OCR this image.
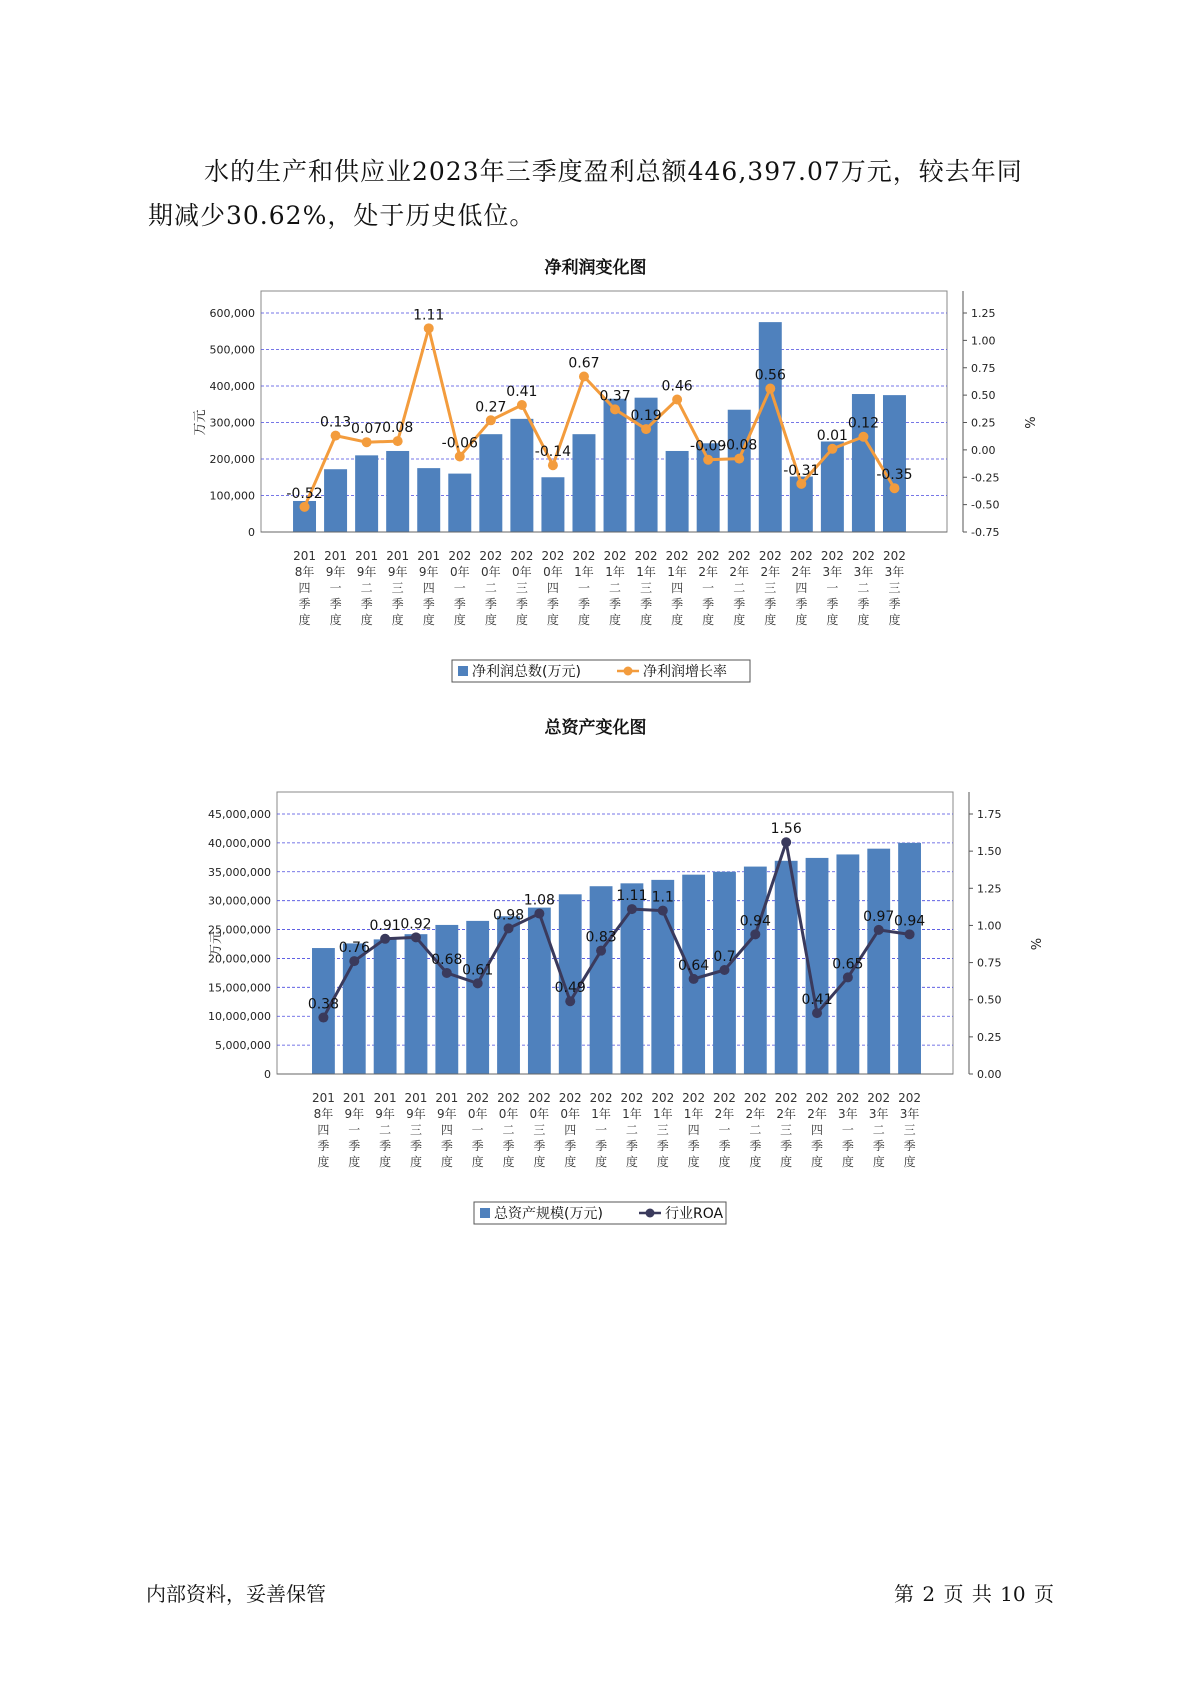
水的生产和供应业2023年三季度盈利总额446,397.07万元，较去年同期减少30.62%，处于历史低位。

净利润变化图
0
100,000
200,000
300,000
400,000
500,000
600,000
-0.75
-0.50
-0.25
0.00
0.25
0.50
0.75
1.00
1.25
万元	%
-0.52
0.13 0.07 0.08
1.11
-0.06
0.27
0.41
-0.14
0.67
0.37
0.19
0.46
-0.09
-0.08
0.56
-0.31
0.01
0.12
-0.35
201
8年
四
季
度
201
9年
一
季
度
201
9年
二
季
度
201
9年
三
季
度
201
9年
四
季
度
202
0年
一
季
度
202
0年
二
季
度
202
0年
三
季
度
202
0年
四
季
度
202
1年
一
季
度
202
1年
二
季
度
202
1年
三
季
度
202
1年
四
季
度
202
2年
一
季
度
202
2年
二
季
度
202
2年
三
季
度
202
2年
四
季
度
202
3年
一
季
度
202
3年
二
季
度
202
3年
三
季
度
净利润总数(万元)	净利润增长率
总资产变化图
0
5,000,000
10,000,000
15,000,000
20,000,000
25,000,000
30,000,000
35,000,000
40,000,000
45,000,000
0.00
0.25
0.50
0.75
1.00
1.25
1.50
1.75
万元	%
0.38
0.76
0.91 0.92
0.68
0.61
0.98
1.08
0.49
0.83
1.11 1.1
0.64
0.7
0.94
1.56
0.41
0.65
0.97 0.94
201
8年
四
季
度
201
9年
一
季
度
201
9年
二
季
度
201
9年
三
季
度
201
9年
四
季
度
202
0年
一
季
度
202
0年
二
季
度
202
0年
三
季
度
202
0年
四
季
度
202
1年
一
季
度
202
1年
二
季
度
202
1年
三
季
度
202
1年
四
季
度
202
2年
一
季
度
202
2年
二
季
度
202
2年
三
季
度
202
2年
四
季
度
202
3年
一
季
度
202
3年
二
季
度
202
3年
三
季
度
总资产规模(万元)	行业ROA
内部资料，妥善保管	第 2 页 共 10 页
